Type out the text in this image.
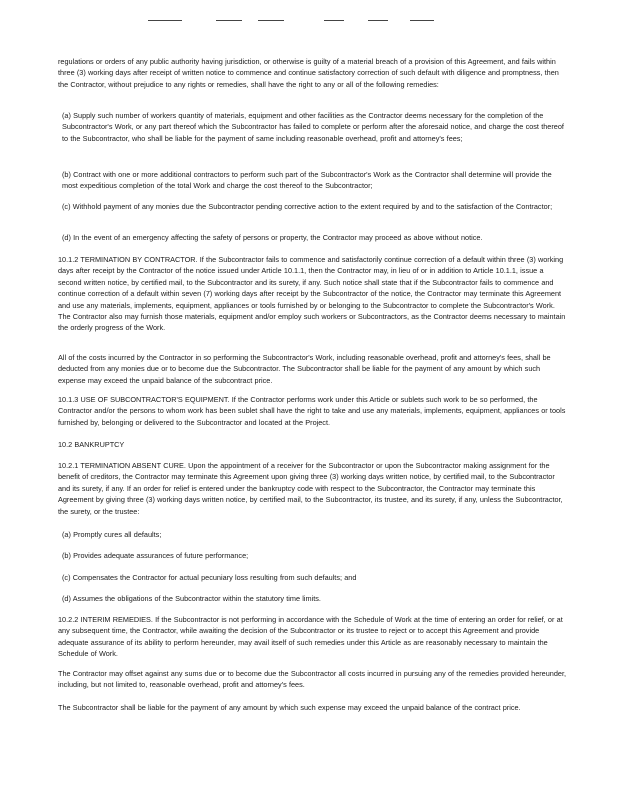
regulations or orders of any public authority having jurisdiction, or otherwise is guilty of a material breach of a provision of this Agreement, and fails within three (3) working days after receipt of written notice to commence and continue satisfactory correction of such default with diligence and promptness, then the Contractor, without prejudice to any rights or remedies, shall have the right to any or all of the following remedies:

(a) Supply such number of workers quantity of materials, equipment and other facilities as the Contractor deems necessary for the completion of the Subcontractor's Work, or any part thereof which the Subcontractor has failed to complete or perform after the aforesaid notice, and charge the cost thereof to the Subcontractor, who shall be liable for the payment of same including reasonable overhead, profit and attorney's fees;

(b) Contract with one or more additional contractors to perform such part of the Subcontractor's Work as the Contractor shall determine will provide the most expeditious completion of the total Work and charge the cost thereof to the Subcontractor;

(c) Withhold payment of any monies due the Subcontractor pending corrective action to the extent required by and to the satisfaction of the Contractor;

(d) In the event of an emergency affecting the safety of persons or property, the Contractor may proceed as above without notice.

10.1.2 TERMINATION BY CONTRACTOR. If the Subcontractor fails to commence and satisfactorily continue correction of a default within three (3) working days after receipt by the Contractor of the notice issued under Article 10.1.1, then the Contractor may, in lieu of or in addition to Article 10.1.1, issue a second written notice, by certified mail, to the Subcontractor and its surety, if any. Such notice shall state that if the Subcontractor fails to commence and continue correction of a default within seven (7) working days after receipt by the Subcontractor of the notice, the Contractor may terminate this Agreement and use any materials, implements, equipment, appliances or tools furnished by or belonging to the Subcontractor to complete the Subcontractor's Work. The Contractor also may furnish those materials, equipment and/or employ such workers or Subcontractors, as the Contractor deems necessary to maintain the orderly progress of the Work.

All of the costs incurred by the Contractor in so performing the Subcontractor's Work, including reasonable overhead, profit and attorney's fees, shall be deducted from any monies due or to become due the Subcontractor. The Subcontractor shall be liable for the payment of any amount by which such expense may exceed the unpaid balance of the subcontract price.

10.1.3 USE OF SUBCONTRACTOR'S EQUIPMENT. If the Contractor performs work under this Article or sublets such work to be so performed, the Contractor and/or the persons to whom work has been sublet shall have the right to take and use any materials, implements, equipment, appliances or tools furnished by, belonging or delivered to the Subcontractor and located at the Project.

10.2 BANKRUPTCY

10.2.1 TERMINATION ABSENT CURE. Upon the appointment of a receiver for the Subcontractor or upon the Subcontractor making assignment for the benefit of creditors, the Contractor may terminate this Agreement upon giving three (3) working days written notice, by certified mail, to the Subcontractor and its surety, if any. If an order for relief is entered under the bankruptcy code with respect to the Subcontractor, the Contractor may terminate this Agreement by giving three (3) working days written notice, by certified mail, to the Subcontractor, its trustee, and its surety, if any, unless the Subcontractor, the surety, or the trustee:

(a) Promptly cures all defaults;

(b) Provides adequate assurances of future performance;

(c) Compensates the Contractor for actual pecuniary loss resulting from such defaults; and

(d) Assumes the obligations of the Subcontractor within the statutory time limits.

10.2.2 INTERIM REMEDIES. If the Subcontractor is not performing in accordance with the Schedule of Work at the time of entering an order for relief, or at any subsequent time, the Contractor, while awaiting the decision of the Subcontractor or its trustee to reject or to accept this Agreement and provide adequate assurance of its ability to perform hereunder, may avail itself of such remedies under this Article as are reasonably necessary to maintain the Schedule of Work.

The Contractor may offset against any sums due or to become due the Subcontractor all costs incurred in pursuing any of the remedies provided hereunder, including, but not limited to, reasonable overhead, profit and attorney's fees.

The Subcontractor shall be liable for the payment of any amount by which such expense may exceed the unpaid balance of the contract price.
